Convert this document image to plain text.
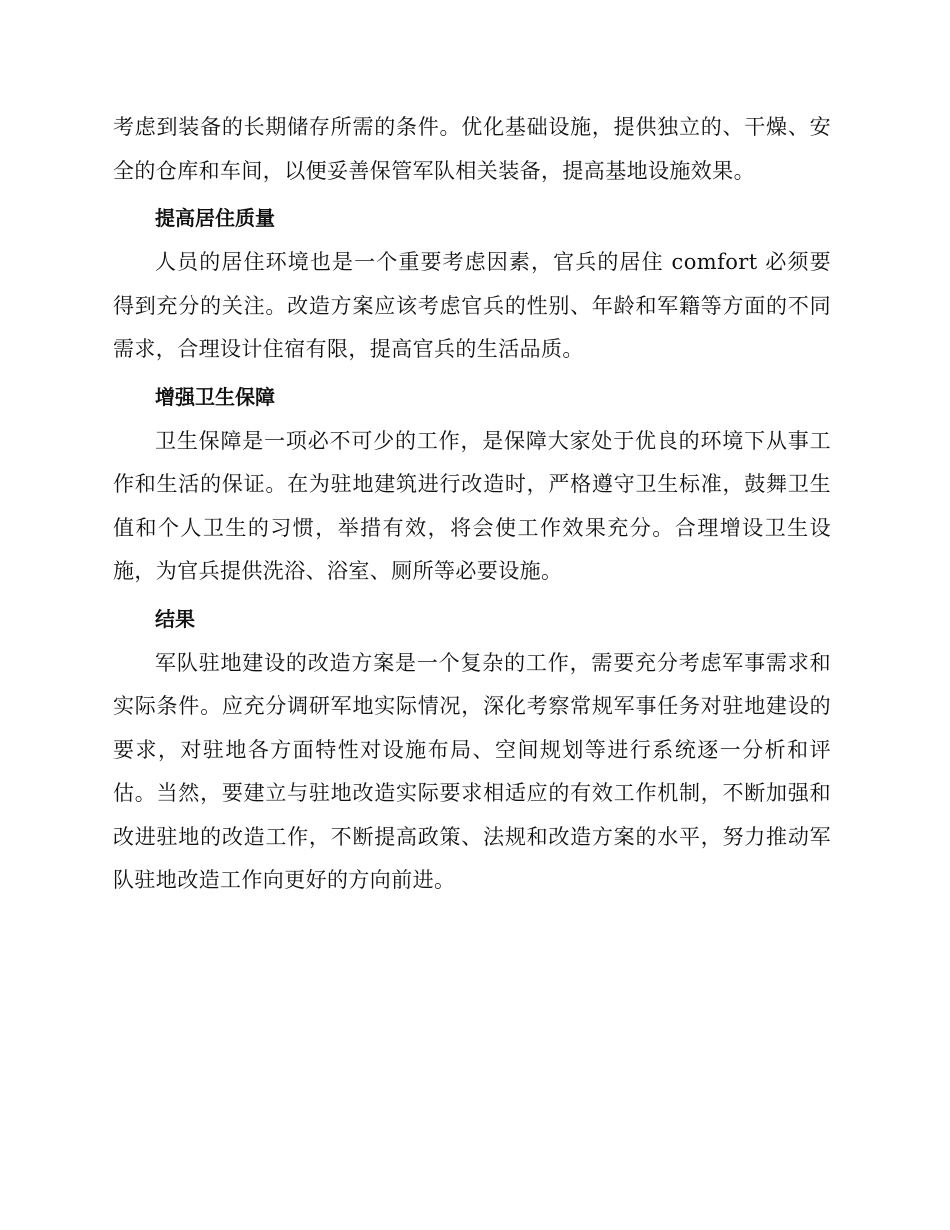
考虑到装备的长期储存所需的条件。优化基础设施，提供独立的、干燥、安全的仓库和车间，以便妥善保管军队相关装备，提高基地设施效果。

提高居住质量

人员的居住环境也是一个重要考虑因素，官兵的居住 comfort 必须要得到充分的关注。改造方案应该考虑官兵的性别、年龄和军籍等方面的不同需求，合理设计住宿有限，提高官兵的生活品质。

增强卫生保障

卫生保障是一项必不可少的工作，是保障大家处于优良的环境下从事工作和生活的保证。在为驻地建筑进行改造时，严格遵守卫生标准，鼓舞卫生值和个人卫生的习惯，举措有效，将会使工作效果充分。合理增设卫生设施，为官兵提供洗浴、浴室、厕所等必要设施。

结果

军队驻地建设的改造方案是一个复杂的工作，需要充分考虑军事需求和实际条件。应充分调研军地实际情况，深化考察常规军事任务对驻地建设的要求，对驻地各方面特性对设施布局、空间规划等进行系统逐一分析和评估。当然，要建立与驻地改造实际要求相适应的有效工作机制，不断加强和改进驻地的改造工作，不断提高政策、法规和改造方案的水平，努力推动军队驻地改造工作向更好的方向前进。
